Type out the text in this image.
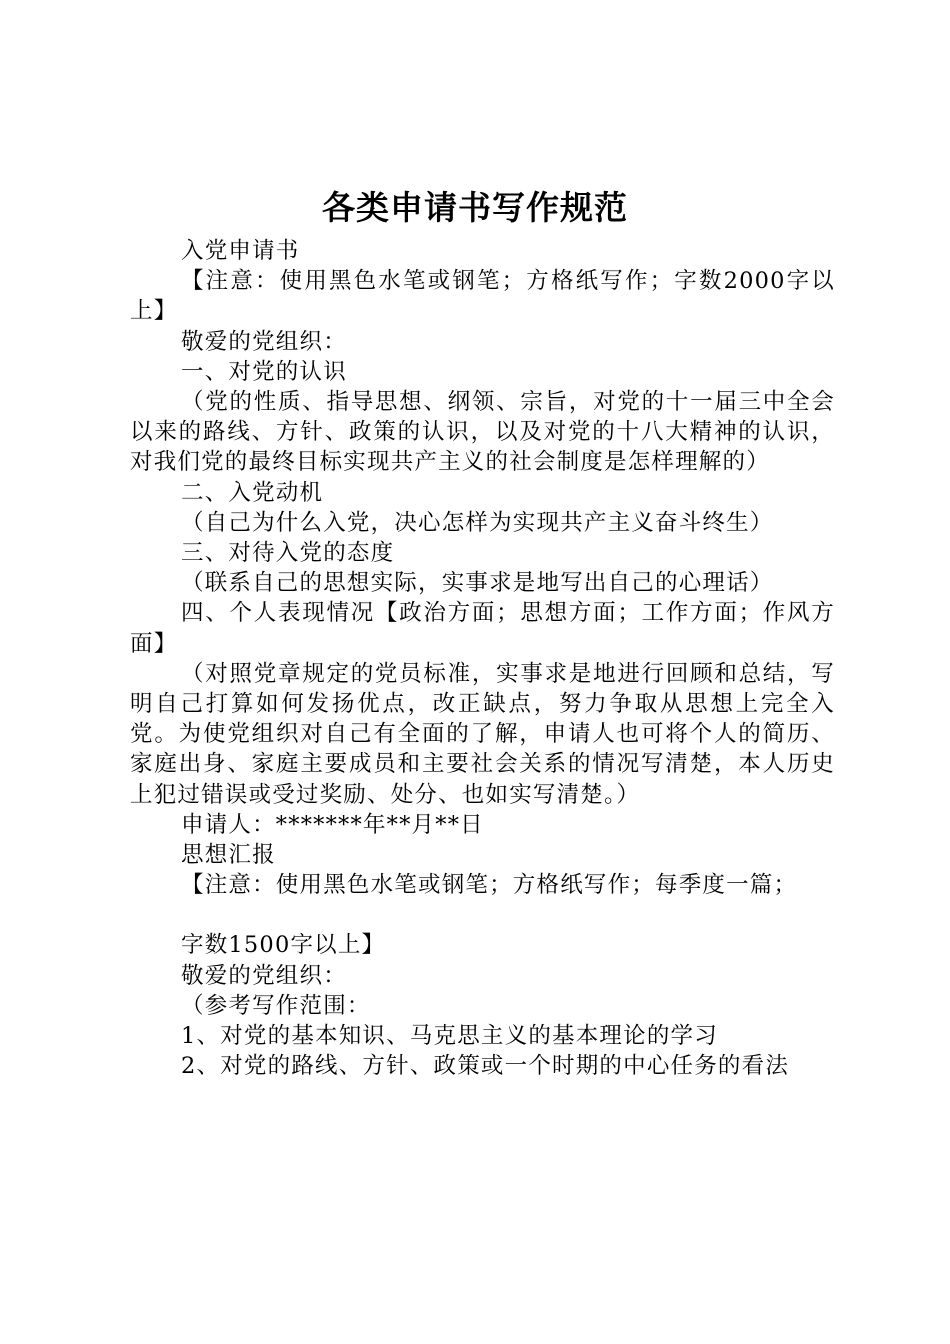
各类申请书写作规范

入党申请书

【注意：使用黑色水笔或钢笔；方格纸写作；字数2000字以上】

敬爱的党组织：

一、对党的认识

（党的性质、指导思想、纲领、宗旨，对党的十一届三中全会以来的路线、方针、政策的认识，以及对党的十八大精神的认识，对我们党的最终目标实现共产主义的社会制度是怎样理解的）

二、入党动机

（自己为什么入党，决心怎样为实现共产主义奋斗终生）

三、对待入党的态度

（联系自己的思想实际，实事求是地写出自己的心理话）

四、个人表现情况【政治方面；思想方面；工作方面；作风方面】

（对照党章规定的党员标准，实事求是地进行回顾和总结，写明自己打算如何发扬优点，改正缺点，努力争取从思想上完全入党。为使党组织对自己有全面的了解，申请人也可将个人的简历、家庭出身、家庭主要成员和主要社会关系的情况写清楚，本人历史上犯过错误或受过奖励、处分、也如实写清楚。）

申请人：*******年**月**日

思想汇报

【注意：使用黑色水笔或钢笔；方格纸写作；每季度一篇；

字数1500字以上】

敬爱的党组织：

（参考写作范围：

1、对党的基本知识、马克思主义的基本理论的学习

2、对党的路线、方针、政策或一个时期的中心任务的看法
